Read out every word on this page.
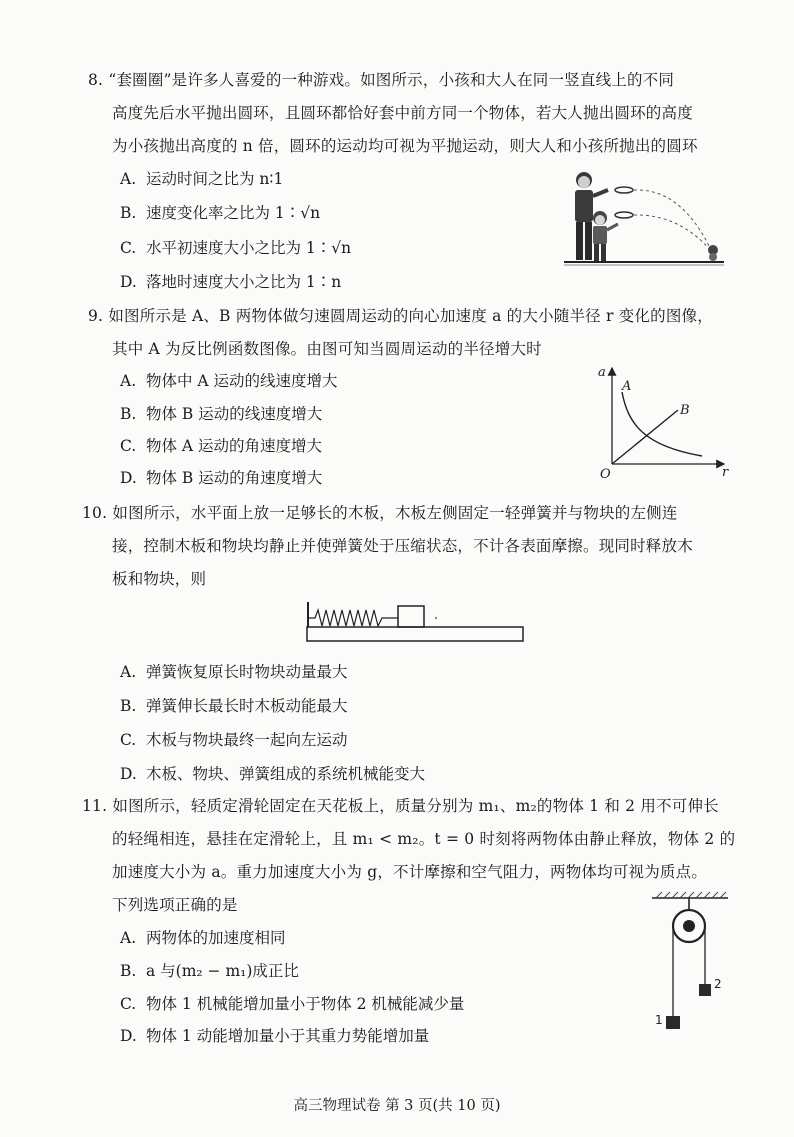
8. “套圈圈”是许多人喜爱的一种游戏。如图所示，小孩和大人在同一竖直线上的不同
高度先后水平抛出圆环，且圆环都恰好套中前方同一个物体，若大人抛出圆环的高度
为小孩抛出高度的 n 倍，圆环的运动均可视为平抛运动，则大人和小孩所抛出的圆环
A. 运动时间之比为 n∶1
B. 速度变化率之比为 1∶√n
C. 水平初速度大小之比为 1∶√n
D. 落地时速度大小之比为 1∶n
9. 如图所示是 A、B 两物体做匀速圆周运动的向心加速度 a 的大小随半径 r 变化的图像，
其中 A 为反比例函数图像。由图可知当圆周运动的半径增大时
A. 物体中 A 运动的线速度增大
B. 物体 B 运动的线速度增大
C. 物体 A 运动的角速度增大
D. 物体 B 运动的角速度增大
a
r
O
A
B
10. 如图所示，水平面上放一足够长的木板，木板左侧固定一轻弹簧并与物块的左侧连
接，控制木板和物块均静止并使弹簧处于压缩状态，不计各表面摩擦。现同时释放木
板和物块，则
A. 弹簧恢复原长时物块动量最大
B. 弹簧伸长最长时木板动能最大
C. 木板与物块最终一起向左运动
D. 木板、物块、弹簧组成的系统机械能变大
11. 如图所示，轻质定滑轮固定在天花板上，质量分别为 m₁、m₂的物体 1 和 2 用不可伸长
的轻绳相连，悬挂在定滑轮上，且 m₁ < m₂。t = 0 时刻将两物体由静止释放，物体 2 的
加速度大小为 a。重力加速度大小为 g，不计摩擦和空气阻力，两物体均可视为质点。
下列选项正确的是
A. 两物体的加速度相同
B. a 与(m₂ − m₁)成正比
C. 物体 1 机械能增加量小于物体 2 机械能减少量
D. 物体 1 动能增加量小于其重力势能增加量
1
2
高三物理试卷 第 3 页(共 10 页)
